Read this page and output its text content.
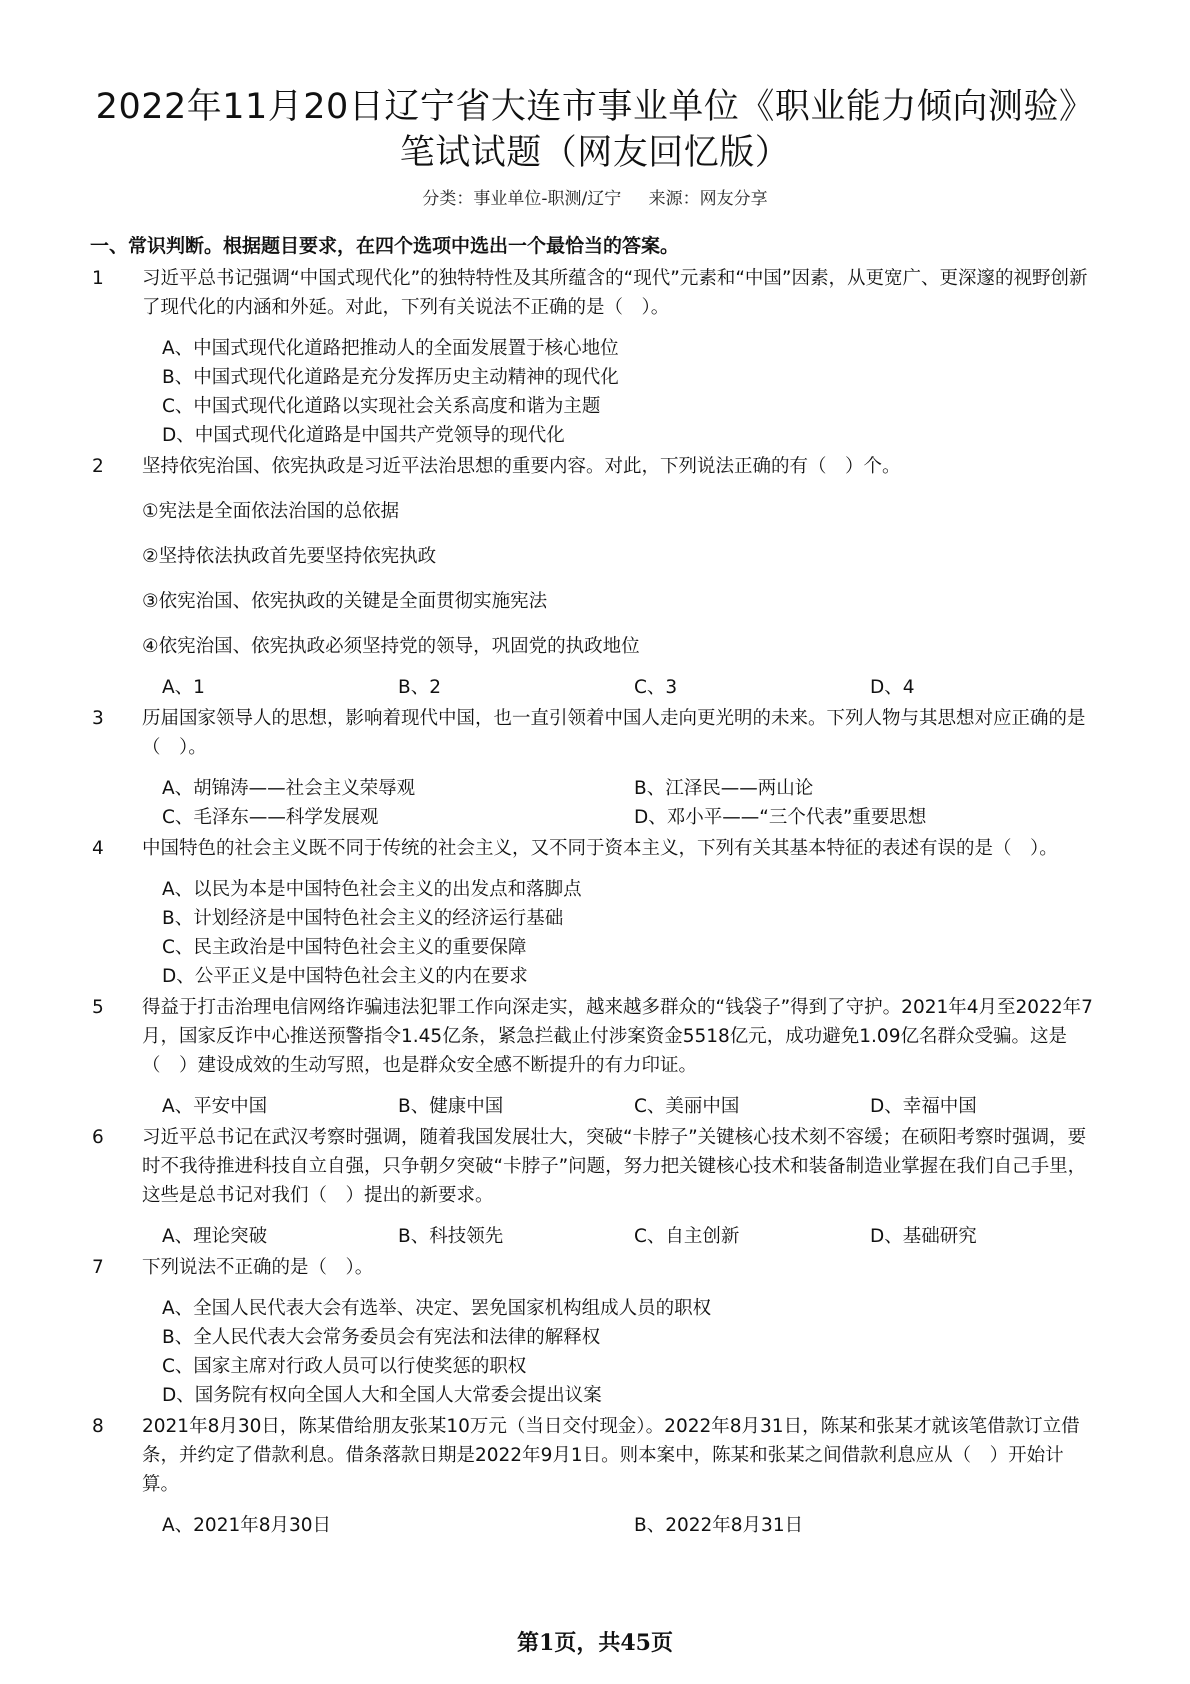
2022年11月20日辽宁省大连市事业单位《职业能力倾向测验》笔试试题（网友回忆版）
分类：事业单位-职测/辽宁 来源：网友分享
一、常识判断。根据题目要求，在四个选项中选出一个最恰当的答案。
1	习近平总书记强调“中国式现代化”的独特特性及其所蕴含的“现代”元素和“中国”因素，从更宽广、更深邃的视野创新了现代化的内涵和外延。对此，下列有关说法不正确的是（　）。
A、中国式现代化道路把推动人的全面发展置于核心地位
B、中国式现代化道路是充分发挥历史主动精神的现代化
C、中国式现代化道路以实现社会关系高度和谐为主题
D、中国式现代化道路是中国共产党领导的现代化
2	坚持依宪治国、依宪执政是习近平法治思想的重要内容。对此，下列说法正确的有（　）个。
①宪法是全面依法治国的总依据
②坚持依法执政首先要坚持依宪执政
③依宪治国、依宪执政的关键是全面贯彻实施宪法
④依宪治国、依宪执政必须坚持党的领导，巩固党的执政地位
A、1	B、2	C、3	D、4
3	历届国家领导人的思想，影响着现代中国，也一直引领着中国人走向更光明的未来。下列人物与其思想对应正确的是（　）。
A、胡锦涛——社会主义荣辱观	B、江泽民——两山论
C、毛泽东——科学发展观	D、邓小平——“三个代表”重要思想
4	中国特色的社会主义既不同于传统的社会主义，又不同于资本主义，下列有关其基本特征的表述有误的是（　）。
A、以民为本是中国特色社会主义的出发点和落脚点
B、计划经济是中国特色社会主义的经济运行基础
C、民主政治是中国特色社会主义的重要保障
D、公平正义是中国特色社会主义的内在要求
5	得益于打击治理电信网络诈骗违法犯罪工作向深走实，越来越多群众的“钱袋子”得到了守护。2021年4月至2022年7月，国家反诈中心推送预警指令1.45亿条，紧急拦截止付涉案资金5518亿元，成功避免1.09亿名群众受骗。这是（　）建设成效的生动写照，也是群众安全感不断提升的有力印证。
A、平安中国	B、健康中国	C、美丽中国	D、幸福中国
6	习近平总书记在武汉考察时强调，随着我国发展壮大，突破“卡脖子”关键核心技术刻不容缓；在硕阳考察时强调，要时不我待推进科技自立自强，只争朝夕突破“卡脖子”问题，努力把关键核心技术和装备制造业掌握在我们自己手里，这些是总书记对我们（　）提出的新要求。
A、理论突破	B、科技领先	C、自主创新	D、基础研究
7	下列说法不正确的是（　）。
A、全国人民代表大会有选举、决定、罢免国家机构组成人员的职权
B、全人民代表大会常务委员会有宪法和法律的解释权
C、国家主席对行政人员可以行使奖惩的职权
D、国务院有权向全国人大和全国人大常委会提出议案
8	2021年8月30日，陈某借给朋友张某10万元（当日交付现金）。2022年8月31日，陈某和张某才就该笔借款订立借条，并约定了借款利息。借条落款日期是2022年9月1日。则本案中，陈某和张某之间借款利息应从（　）开始计算。
A、2021年8月30日	B、2022年8月31日
第1页，共45页
